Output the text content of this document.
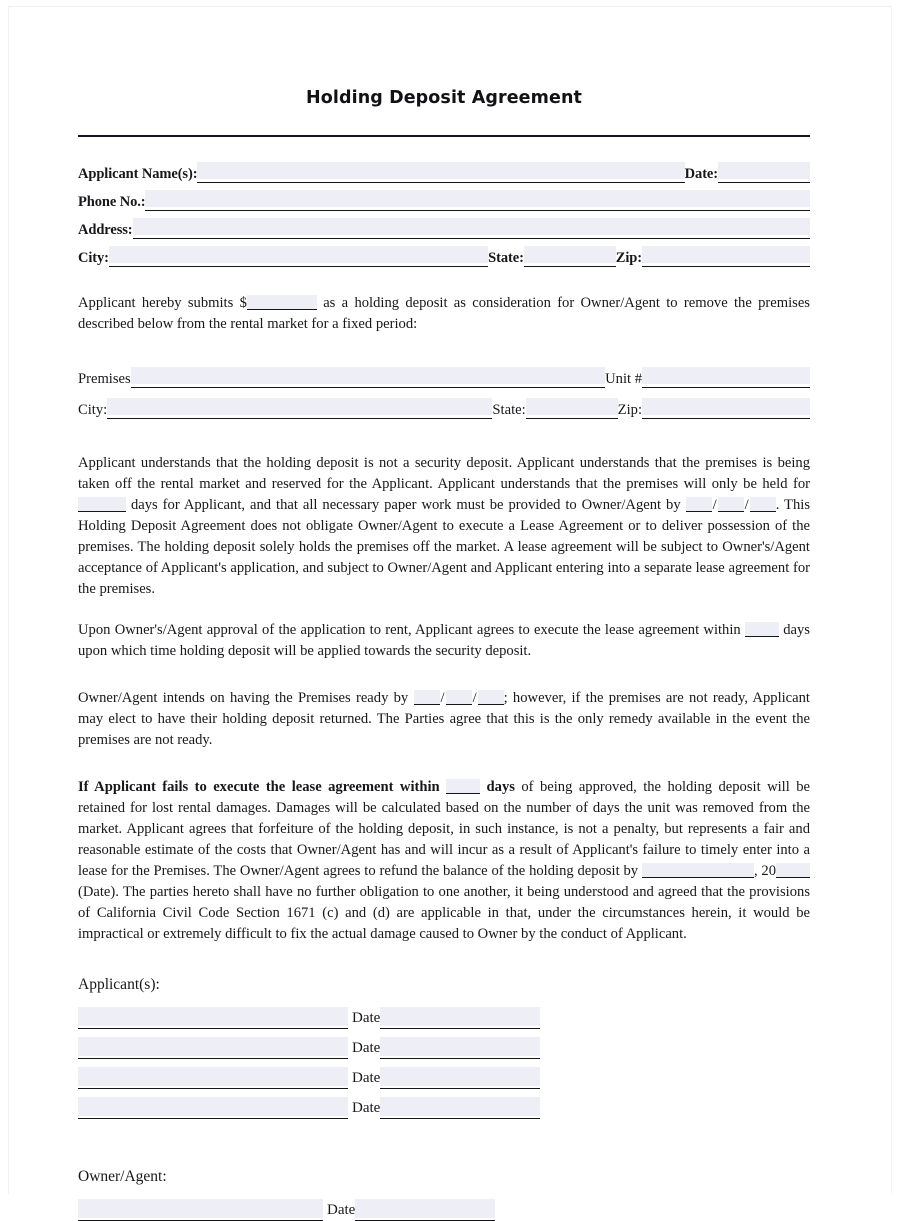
Holding Deposit Agreement
Applicant Name(s):	Date:
Phone No.:
Address:
City:	State:	Zip:
Applicant hereby submits $	as a holding deposit as consideration for Owner/Agent to remove the premises described below from the rental market for a fixed period:
Premises	Unit #
City:	State:	Zip:
Applicant understands that the holding deposit is not a security deposit. Applicant understands that the premises is being taken off the rental market and reserved for the Applicant. Applicant understands that the premises will only be held for  days for Applicant, and that all necessary paper work must be provided to Owner/Agent by / / . This Holding Deposit Agreement does not obligate Owner/Agent to execute a Lease Agreement or to deliver possession of the premises. The holding deposit solely holds the premises off the market. A lease agreement will be subject to Owner's/Agent acceptance of Applicant's application, and subject to Owner/Agent and Applicant entering into a separate lease agreement for the premises.
Upon Owner's/Agent approval of the application to rent, Applicant agrees to execute the lease agreement within  days upon which time holding deposit will be applied towards the security deposit.
Owner/Agent intends on having the Premises ready by / / ; however, if the premises are not ready, Applicant may elect to have their holding deposit returned. The Parties agree that this is the only remedy available in the event the premises are not ready.
If Applicant fails to execute the lease agreement within  days of being approved, the holding deposit will be retained for lost rental damages. Damages will be calculated based on the number of days the unit was removed from the market. Applicant agrees that forfeiture of the holding deposit, in such instance, is not a penalty, but represents a fair and reasonable estimate of the costs that Owner/Agent has and will incur as a result of Applicant's failure to timely enter into a lease for the Premises. The Owner/Agent agrees to refund the balance of the holding deposit by	, 20 (Date). The parties hereto shall have no further obligation to one another, it being understood and agreed that the provisions of California Civil Code Section 1671 (c) and (d) are applicable in that, under the circumstances herein, it would be impractical or extremely difficult to fix the actual damage caused to Owner by the conduct of Applicant.
Applicant(s):
Date
Date
Date
Date
Owner/Agent:
Date
